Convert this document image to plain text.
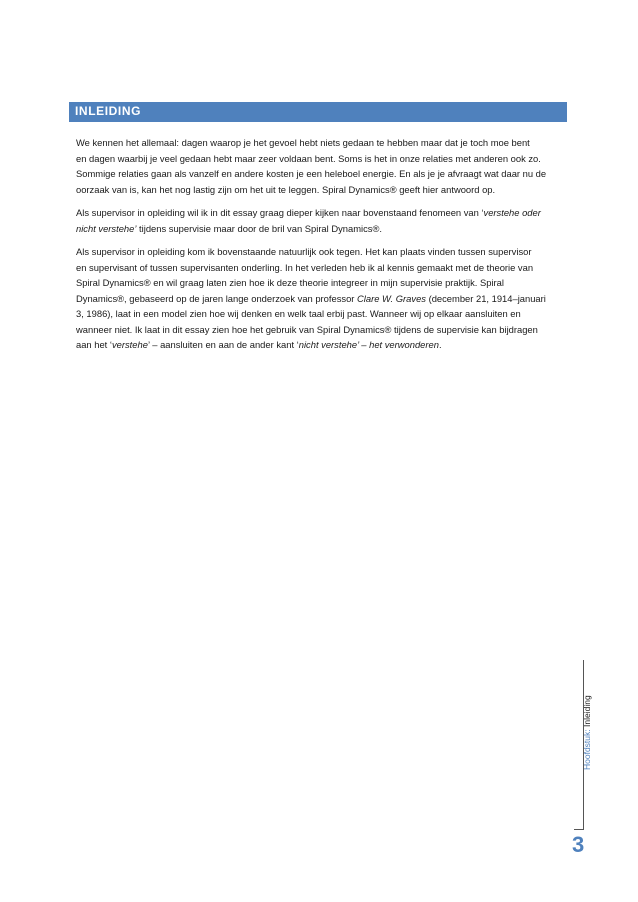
INLEIDING
We kennen het allemaal: dagen waarop je het gevoel hebt niets gedaan te hebben maar dat je toch moe bent
en dagen waarbij je veel gedaan hebt maar zeer voldaan bent. Soms is het in onze relaties met anderen ook zo.
Sommige relaties gaan als vanzelf en andere kosten je een heleboel energie. En als je je afvraagt wat daar nu de
oorzaak van is, kan het nog lastig zijn om het uit te leggen. Spiral Dynamics® geeft hier antwoord op.
Als supervisor in opleiding wil ik in dit essay graag dieper kijken naar bovenstaand fenomeen van ‘verstehe oder
nicht verstehe’ tijdens supervisie maar door de bril van Spiral Dynamics®.
Als supervisor in opleiding kom ik bovenstaande natuurlijk ook tegen. Het kan plaats vinden tussen supervisor
en supervisant of tussen supervisanten onderling. In het verleden heb ik al kennis gemaakt met de theorie van
Spiral Dynamics® en wil graag laten zien hoe ik deze theorie integreer in mijn supervisie praktijk. Spiral
Dynamics®, gebaseerd op de jaren lange onderzoek van professor Clare W. Graves (december 21, 1914–januari
3, 1986), laat in een model zien hoe wij denken en welk taal erbij past. Wanneer wij op elkaar aansluiten en
wanneer niet. Ik laat in dit essay zien hoe het gebruik van Spiral Dynamics® tijdens de supervisie kan bijdragen
aan het ‘verstehe’ – aansluiten en aan de ander kant ‘nicht verstehe’ – het verwonderen.
Hoofdstuk: Inleiding
3
